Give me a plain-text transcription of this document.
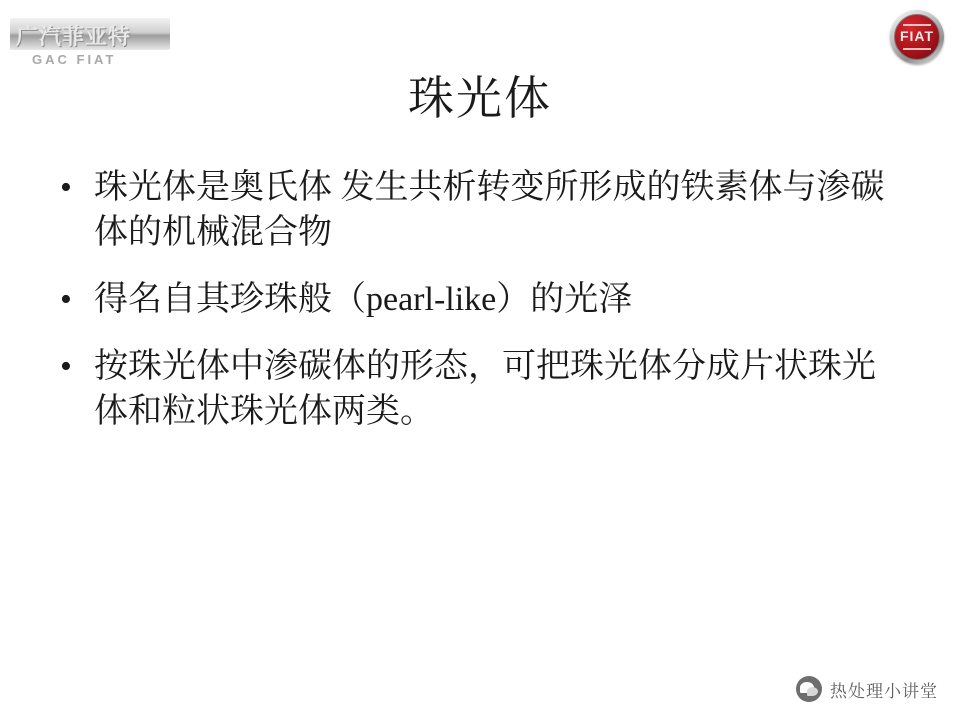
广汽菲亚特
GAC FIAT
FIAT
珠光体
• 珠光体是奥氏体 发生共析转变所形成的铁素体与渗碳体的机械混合物
• 得名自其珍珠般（pearl-like）的光泽
• 按珠光体中渗碳体的形态，可把珠光体分成片状珠光体和粒状珠光体两类。
热处理小讲堂
